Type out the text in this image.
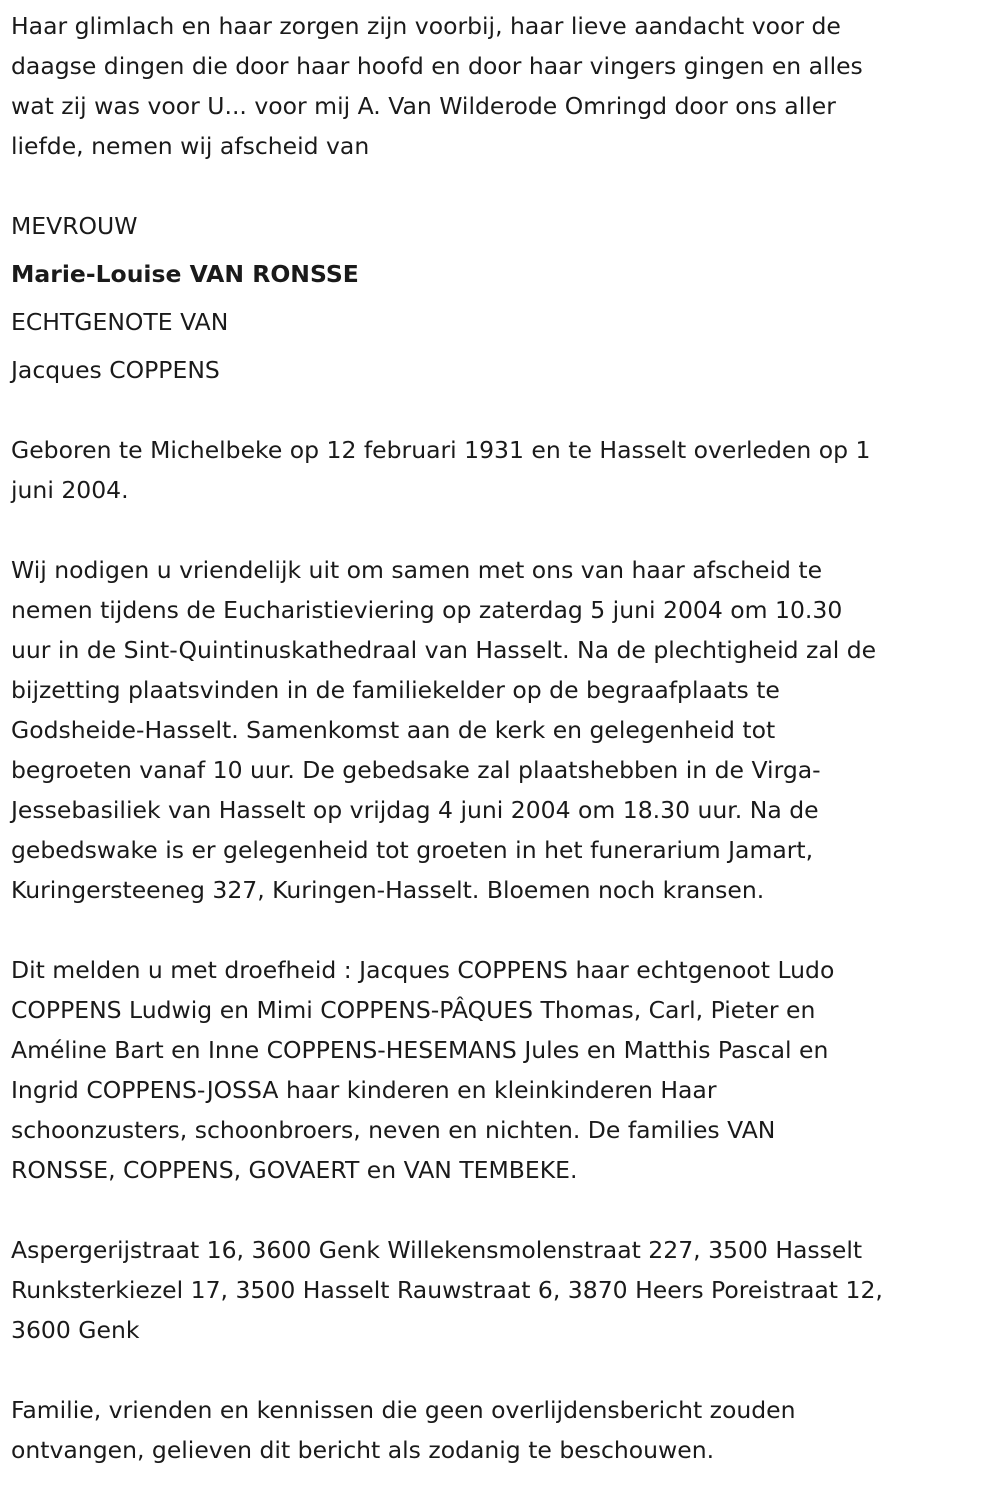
Haar glimlach en haar zorgen zijn voorbij, haar lieve aandacht voor de
daagse dingen die door haar hoofd en door haar vingers gingen en alles
wat zij was voor U... voor mij A. Van Wilderode Omringd door ons aller
liefde, nemen wij afscheid van
MEVROUW
Marie-Louise VAN RONSSE
ECHTGENOTE VAN
Jacques COPPENS
Geboren te Michelbeke op 12 februari 1931 en te Hasselt overleden op 1
juni 2004.
Wij nodigen u vriendelijk uit om samen met ons van haar afscheid te
nemen tijdens de Eucharistieviering op zaterdag 5 juni 2004 om 10.30
uur in de Sint-Quintinuskathedraal van Hasselt. Na de plechtigheid zal de
bijzetting plaatsvinden in de familiekelder op de begraafplaats te
Godsheide-Hasselt. Samenkomst aan de kerk en gelegenheid tot
begroeten vanaf 10 uur. De gebedsake zal plaatshebben in de Virga-
Jessebasiliek van Hasselt op vrijdag 4 juni 2004 om 18.30 uur. Na de
gebedswake is er gelegenheid tot groeten in het funerarium Jamart,
Kuringersteeneg 327, Kuringen-Hasselt. Bloemen noch kransen.
Dit melden u met droefheid : Jacques COPPENS haar echtgenoot Ludo
COPPENS Ludwig en Mimi COPPENS-PÂQUES Thomas, Carl, Pieter en
Améline Bart en Inne COPPENS-HESEMANS Jules en Matthis Pascal en
Ingrid COPPENS-JOSSA haar kinderen en kleinkinderen Haar
schoonzusters, schoonbroers, neven en nichten. De families VAN
RONSSE, COPPENS, GOVAERT en VAN TEMBEKE.
Aspergerijstraat 16, 3600 Genk Willekensmolenstraat 227, 3500 Hasselt
Runksterkiezel 17, 3500 Hasselt Rauwstraat 6, 3870 Heers Poreistraat 12,
3600 Genk
Familie, vrienden en kennissen die geen overlijdensbericht zouden
ontvangen, gelieven dit bericht als zodanig te beschouwen.
